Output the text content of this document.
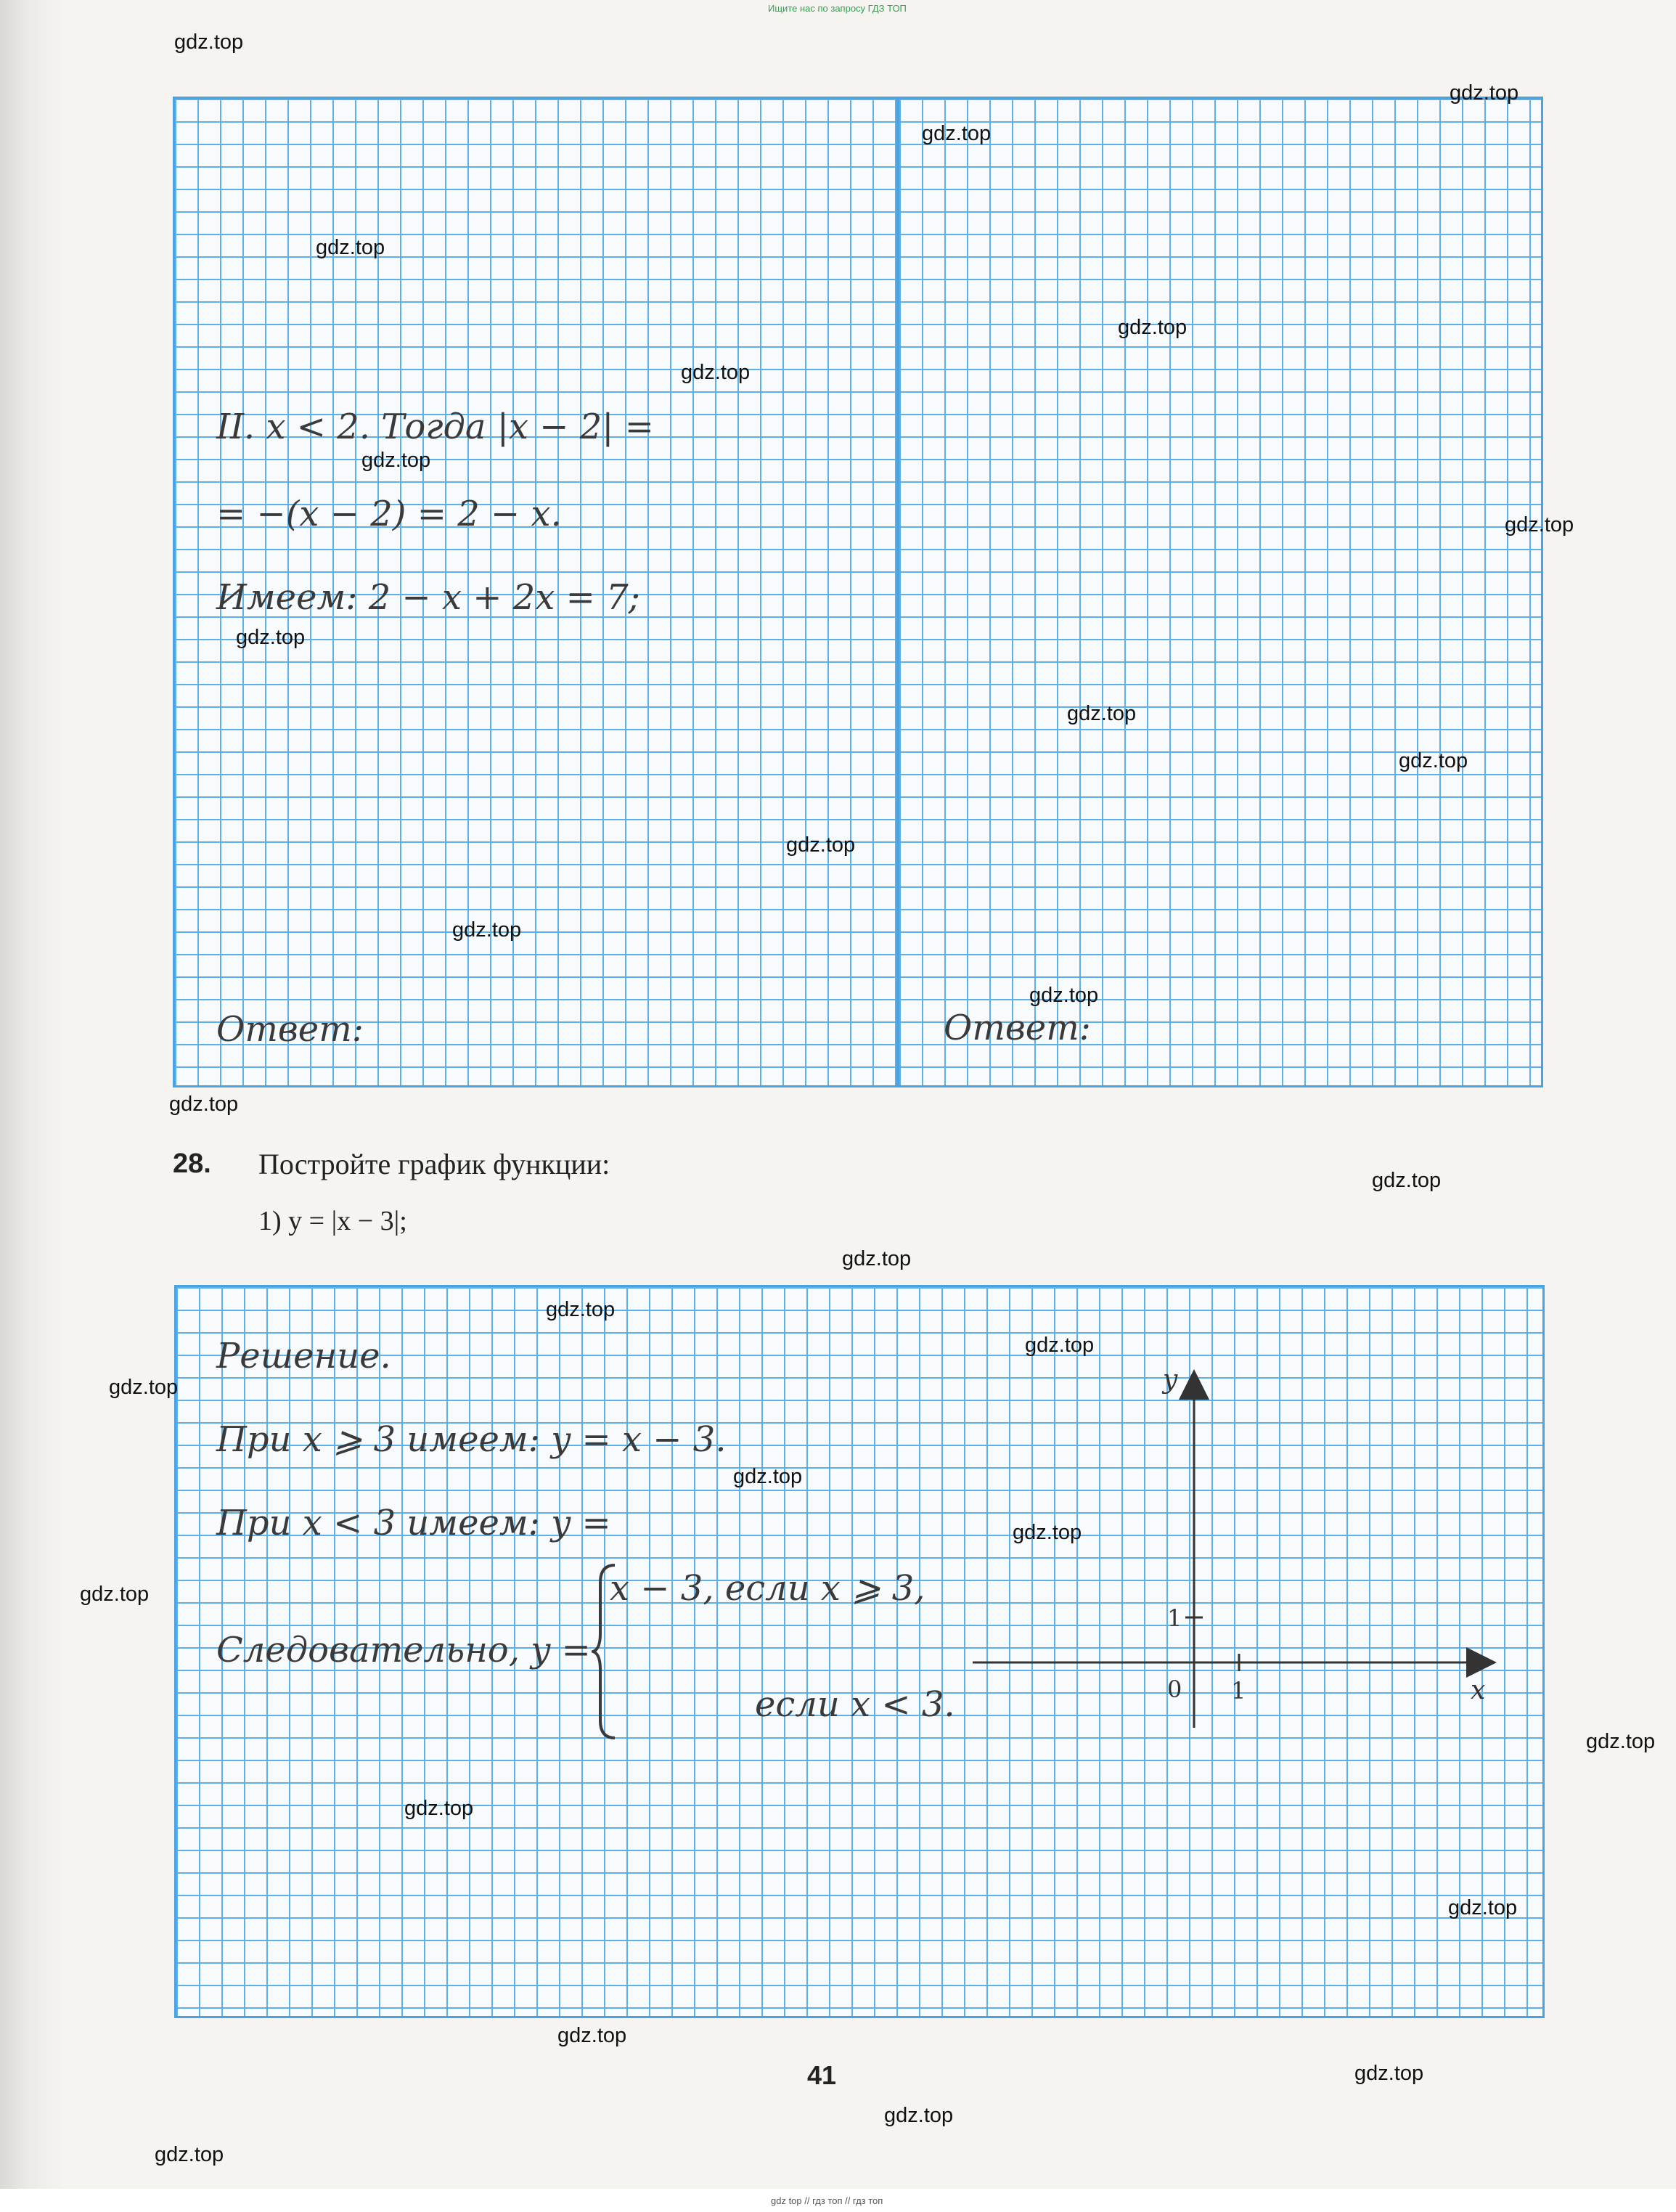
Ищите нас по запросу ГДЗ ТОП
II. x < 2. Тогда |x − 2| =
= −(x − 2) = 2 − x.
Имеем: 2 − x + 2x = 7;
Ответ:	Ответ:
28. Постройте график функции:
1) y = |x − 3|;
Решение.
При x ⩾ 3 имеем: y = x − 3.
При x < 3 имеем: y =
Следовательно, y =
x − 3, если x ⩾ 3,
если x < 3.
y
x
0 1
1
41
gdz.top
gdz.top
gdz.top
gdz.top
gdz.top
gdz.top
gdz.top
gdz.top
gdz.top
gdz.top
gdz.top
gdz.top
gdz.top
gdz.top
gdz.top
gdz.top
gdz.top
gdz.top
gdz.top
gdz.top
gdz.top
gdz.top
gdz.top
gdz.top
gdz.top
gdz.top
gdz.top
gdz.top
gdz.top
gdz.top
gdz top // гдз топ // гдз топ
